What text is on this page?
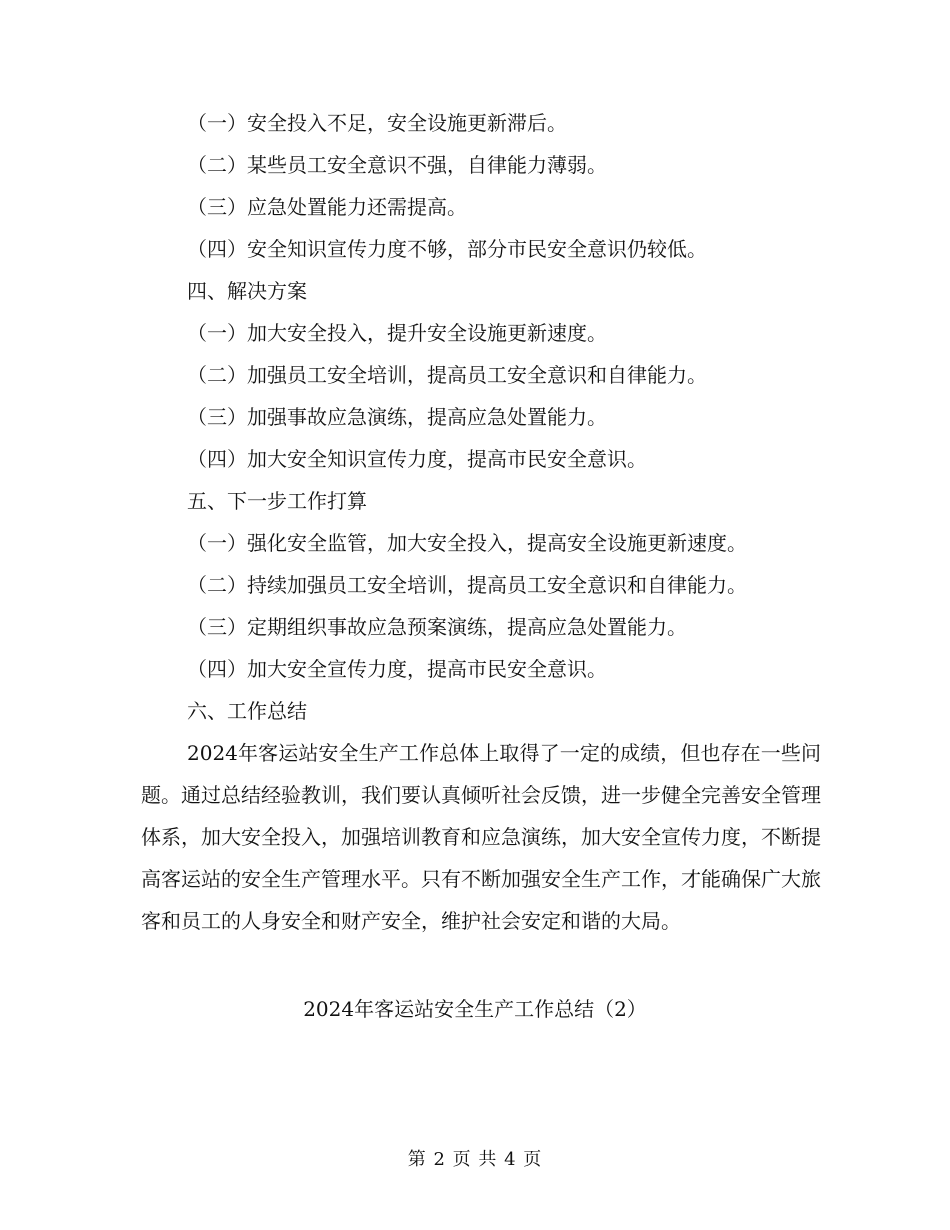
（一）安全投入不足，安全设施更新滞后。
（二）某些员工安全意识不强，自律能力薄弱。
（三）应急处置能力还需提高。
（四）安全知识宣传力度不够，部分市民安全意识仍较低。
四、解决方案
（一）加大安全投入，提升安全设施更新速度。
（二）加强员工安全培训，提高员工安全意识和自律能力。
（三）加强事故应急演练，提高应急处置能力。
（四）加大安全知识宣传力度，提高市民安全意识。
五、下一步工作打算
（一）强化安全监管，加大安全投入，提高安全设施更新速度。
（二）持续加强员工安全培训，提高员工安全意识和自律能力。
（三）定期组织事故应急预案演练，提高应急处置能力。
（四）加大安全宣传力度，提高市民安全意识。
六、工作总结

2024年客运站安全生产工作总体上取得了一定的成绩，但也存在一些问题。通过总结经验教训，我们要认真倾听社会反馈，进一步健全完善安全管理体系，加大安全投入，加强培训教育和应急演练，加大安全宣传力度，不断提高客运站的安全生产管理水平。只有不断加强安全生产工作，才能确保广大旅客和员工的人身安全和财产安全，维护社会安定和谐的大局。

2024年客运站安全生产工作总结（2）
第 2 页 共 4 页
